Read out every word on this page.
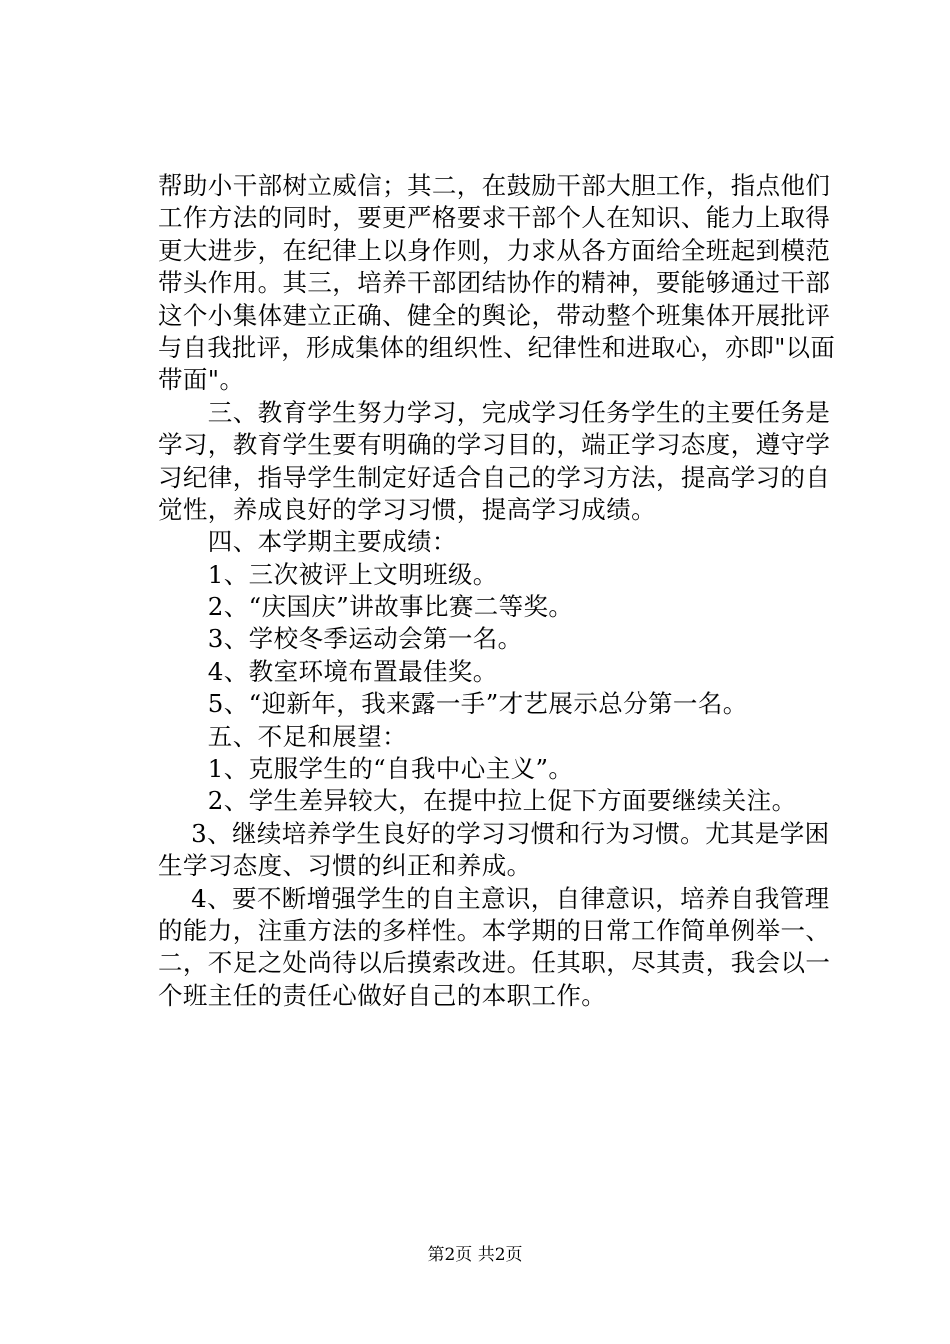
帮助小干部树立威信；其二，在鼓励干部大胆工作，指点他们
工作方法的同时，要更严格要求干部个人在知识、能力上取得
更大进步，在纪律上以身作则，力求从各方面给全班起到模范
带头作用。其三，培养干部团结协作的精神，要能够通过干部
这个小集体建立正确、健全的舆论，带动整个班集体开展批评
与自我批评，形成集体的组织性、纪律性和进取心，亦即"以面
带面"。
　　三、教育学生努力学习，完成学习任务学生的主要任务是
学习，教育学生要有明确的学习目的，端正学习态度，遵守学
习纪律，指导学生制定好适合自己的学习方法，提高学习的自
觉性，养成良好的学习习惯，提高学习成绩。
　　四、本学期主要成绩：
　　1、三次被评上文明班级。
　　2、“庆国庆”讲故事比赛二等奖。
　　3、学校冬季运动会第一名。
　　4、教室环境布置最佳奖。
　　5、“迎新年，我来露一手”才艺展示总分第一名。
　　五、不足和展望：
　　1、克服学生的“自我中心主义”。
　　2、学生差异较大，在提中拉上促下方面要继续关注。
　 3、继续培养学生良好的学习习惯和行为习惯。尤其是学困
生学习态度、习惯的纠正和养成。
　 4、要不断增强学生的自主意识，自律意识，培养自我管理
的能力，注重方法的多样性。本学期的日常工作简单例举一、
二，不足之处尚待以后摸索改进。任其职，尽其责，我会以一
个班主任的责任心做好自己的本职工作。
第2页 共2页
